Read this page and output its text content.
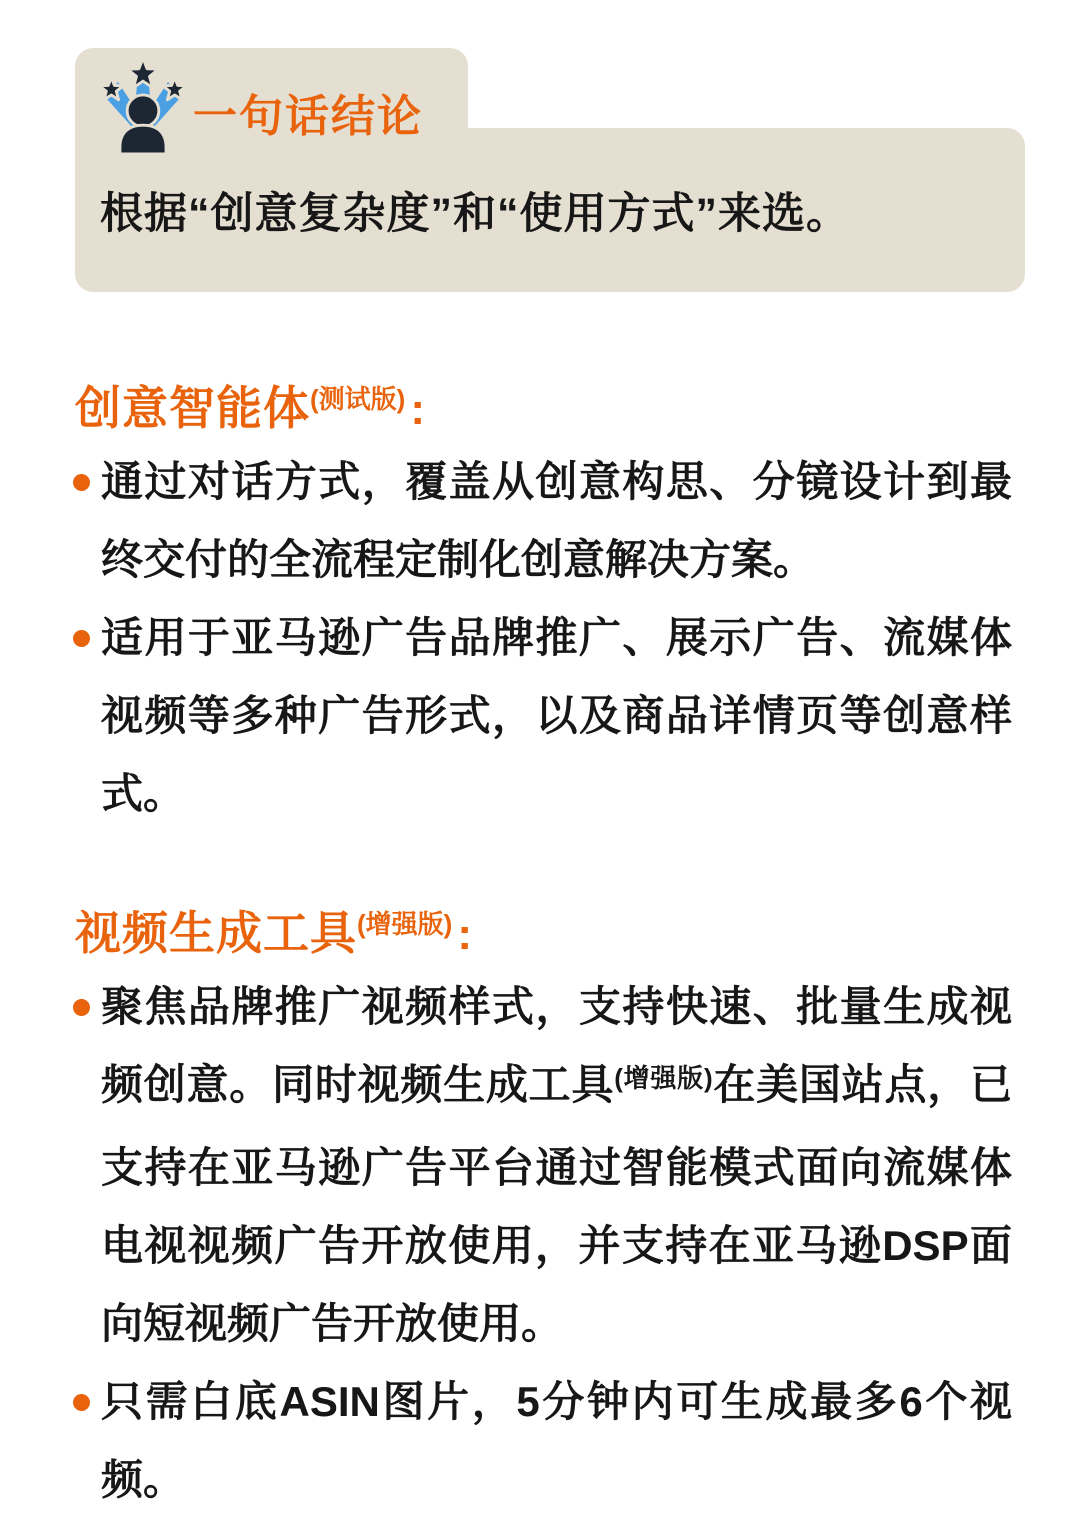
根据“创意复杂度”和“使用方式”来选。
一句话结论
创意智能体$^{(测试版)}$ :
通过对话方式，覆盖从创意构思、分镜设计到最终交付的全流程定制化创意解决方案。
适用于亚马逊广告品牌推广、展示广告、流媒体视频等多种广告形式，以及商品详情页等创意样式。
视频生成工具$^{(增强版)}$ :
聚焦品牌推广视频样式，支持快速、批量生成视频创意。同时视频生成工具$^{(增强版)}$在美国站点，已支持在亚马逊广告平台通过智能模式面向流媒体电视视频广告开放使用，并支持在亚马逊DSP面向短视频广告开放使用。
只需白底ASIN图片，5分钟内可生成最多6个视频。
